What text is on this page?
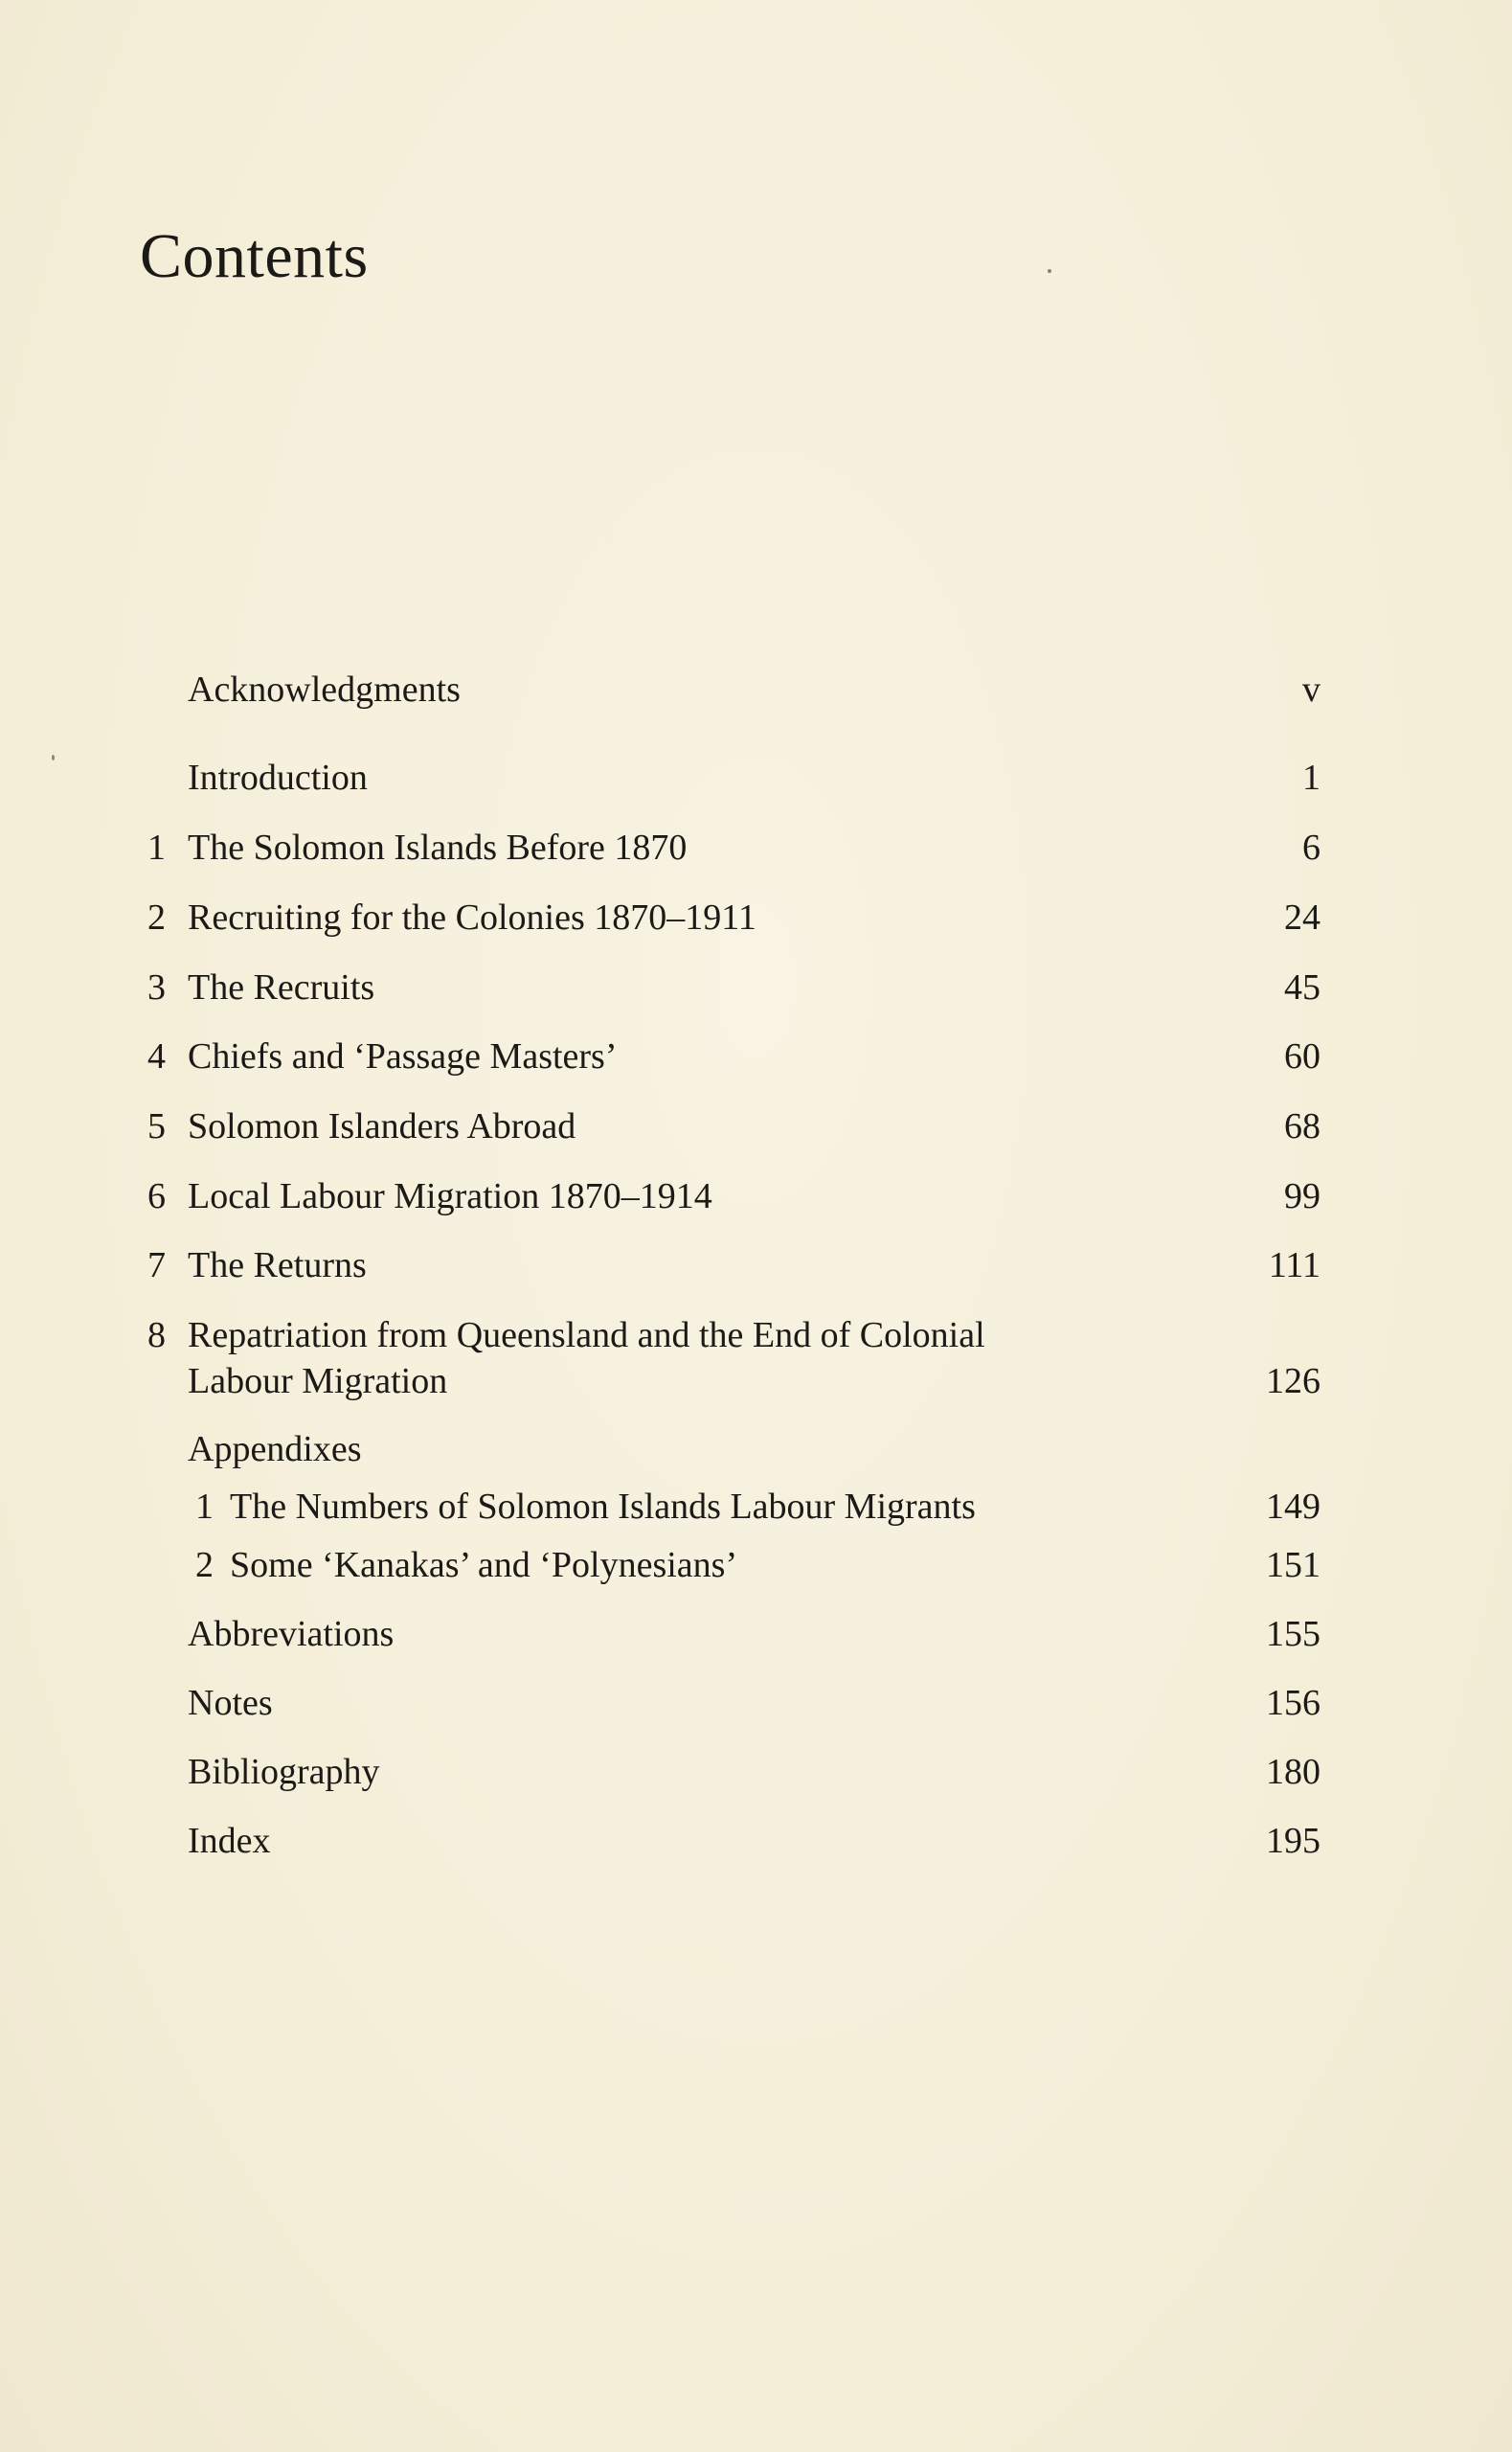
Contents
Acknowledgments	v
Introduction	1
1 The Solomon Islands Before 1870	6
2 Recruiting for the Colonies 1870–1911	24
3 The Recruits	45
4 Chiefs and ‘Passage Masters’	60
5 Solomon Islanders Abroad	68
6 Local Labour Migration 1870–1914	99
7 The Returns	111
8 Repatriation from Queensland and the End of Colonial
Labour Migration	126
Appendixes
1 The Numbers of Solomon Islands Labour Migrants	149
2 Some ‘Kanakas’ and ‘Polynesians’	151
Abbreviations	155
Notes	156
Bibliography	180
Index	195
